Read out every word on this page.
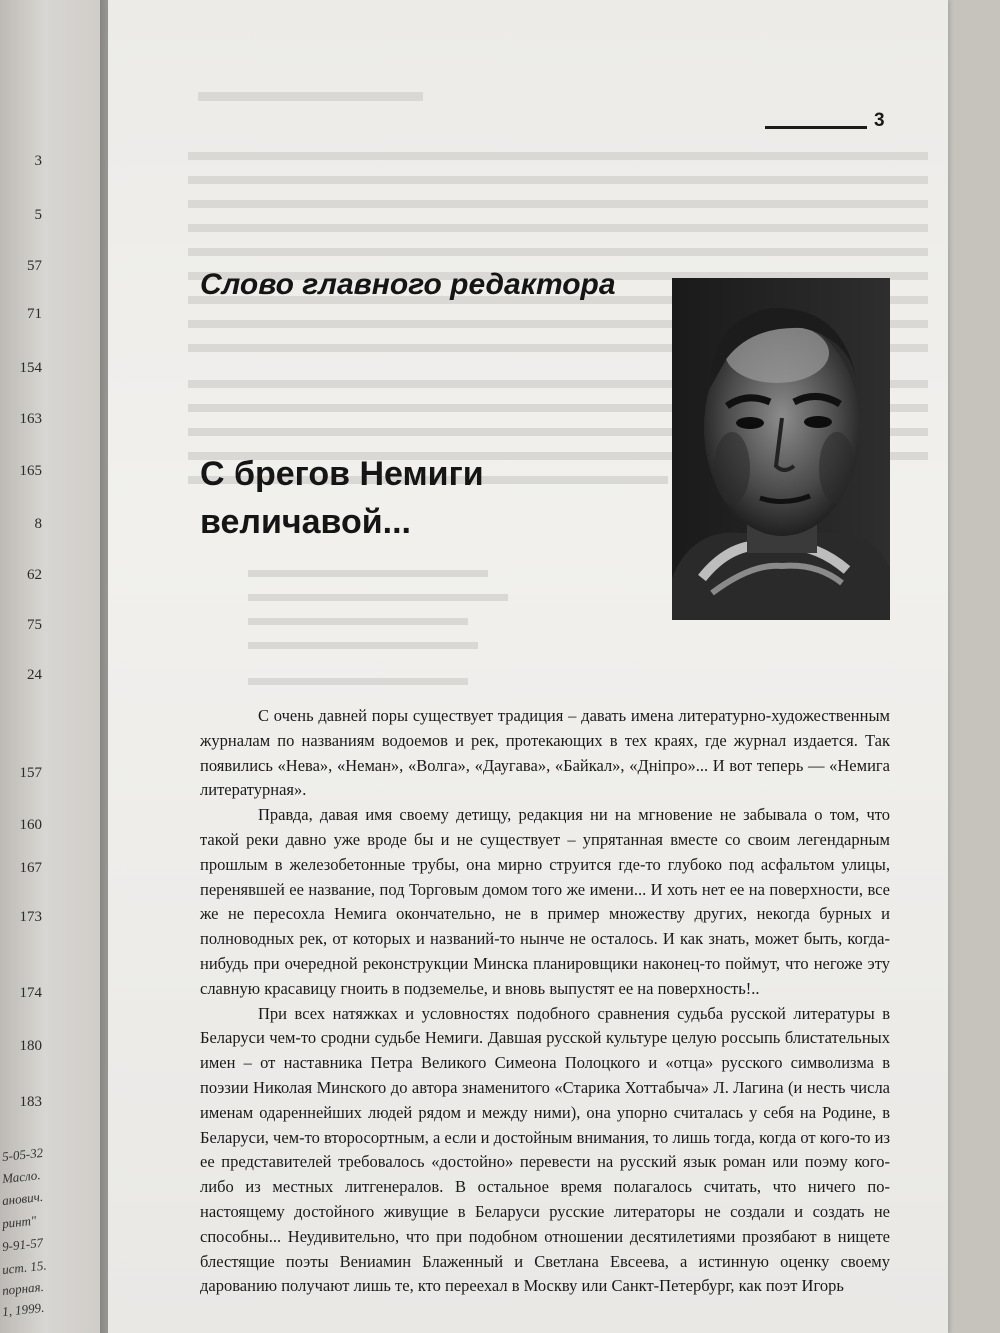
3
5
57
71
154
163
165
8
62
75
24
157
160
167
173
174
180
183
5-05-32
Масло.
анович.
ринт"
9-91-57
ист. 15.
порная.
1, 1999.
3
Слово главного редактора
С брегов Немиги величавой...

С очень давней поры существует традиция – давать имена литературно-художественным журналам по названиям водоемов и рек, протекающих в тех краях, где журнал издается. Так появились «Нева», «Неман», «Волга», «Даугава», «Байкал», «Днiпро»... И вот теперь — «Немига литературная».

Правда, давая имя своему детищу, редакция ни на мгновение не забывала о том, что такой реки давно уже вроде бы и не существует – упрятанная вместе со своим легендарным прошлым в железобетонные трубы, она мирно струится где-то глубоко под асфальтом улицы, перенявшей ее название, под Торговым домом того же имени... И хоть нет ее на поверхности, все же не пересохла Немига окончательно, не в пример множеству других, некогда бурных и полноводных рек, от которых и названий-то нынче не осталось. И как знать, может быть, когда-нибудь при очередной реконструкции Минска планировщики наконец-то поймут, что негоже эту славную красавицу гноить в подземелье, и вновь выпустят ее на поверхность!..

При всех натяжках и условностях подобного сравнения судьба русской литературы в Беларуси чем-то сродни судьбе Немиги. Давшая русской культуре целую россыпь блистательных имен – от наставника Петра Великого Симеона Полоцкого и «отца» русского символизма в поэзии Николая Минского до автора знаменитого «Старика Хоттабыча» Л. Лагина (и несть числа именам одареннейших людей рядом и между ними), она упорно считалась у себя на Родине, в Беларуси, чем-то второсортным, а если и достойным внимания, то лишь тогда, когда от кого-то из ее представителей требовалось «достойно» перевести на русский язык роман или поэму кого-либо из местных литгенералов. В остальное время полагалось считать, что ничего по-настоящему достойного живущие в Беларуси русские литераторы не создали и создать не способны... Неудивительно, что при подобном отношении десятилетиями прозябают в нищете блестящие поэты Вениамин Блаженный и Светлана Евсеева, а истинную оценку своему дарованию получают лишь те, кто переехал в Москву или Санкт-Петербург, как поэт Игорь
